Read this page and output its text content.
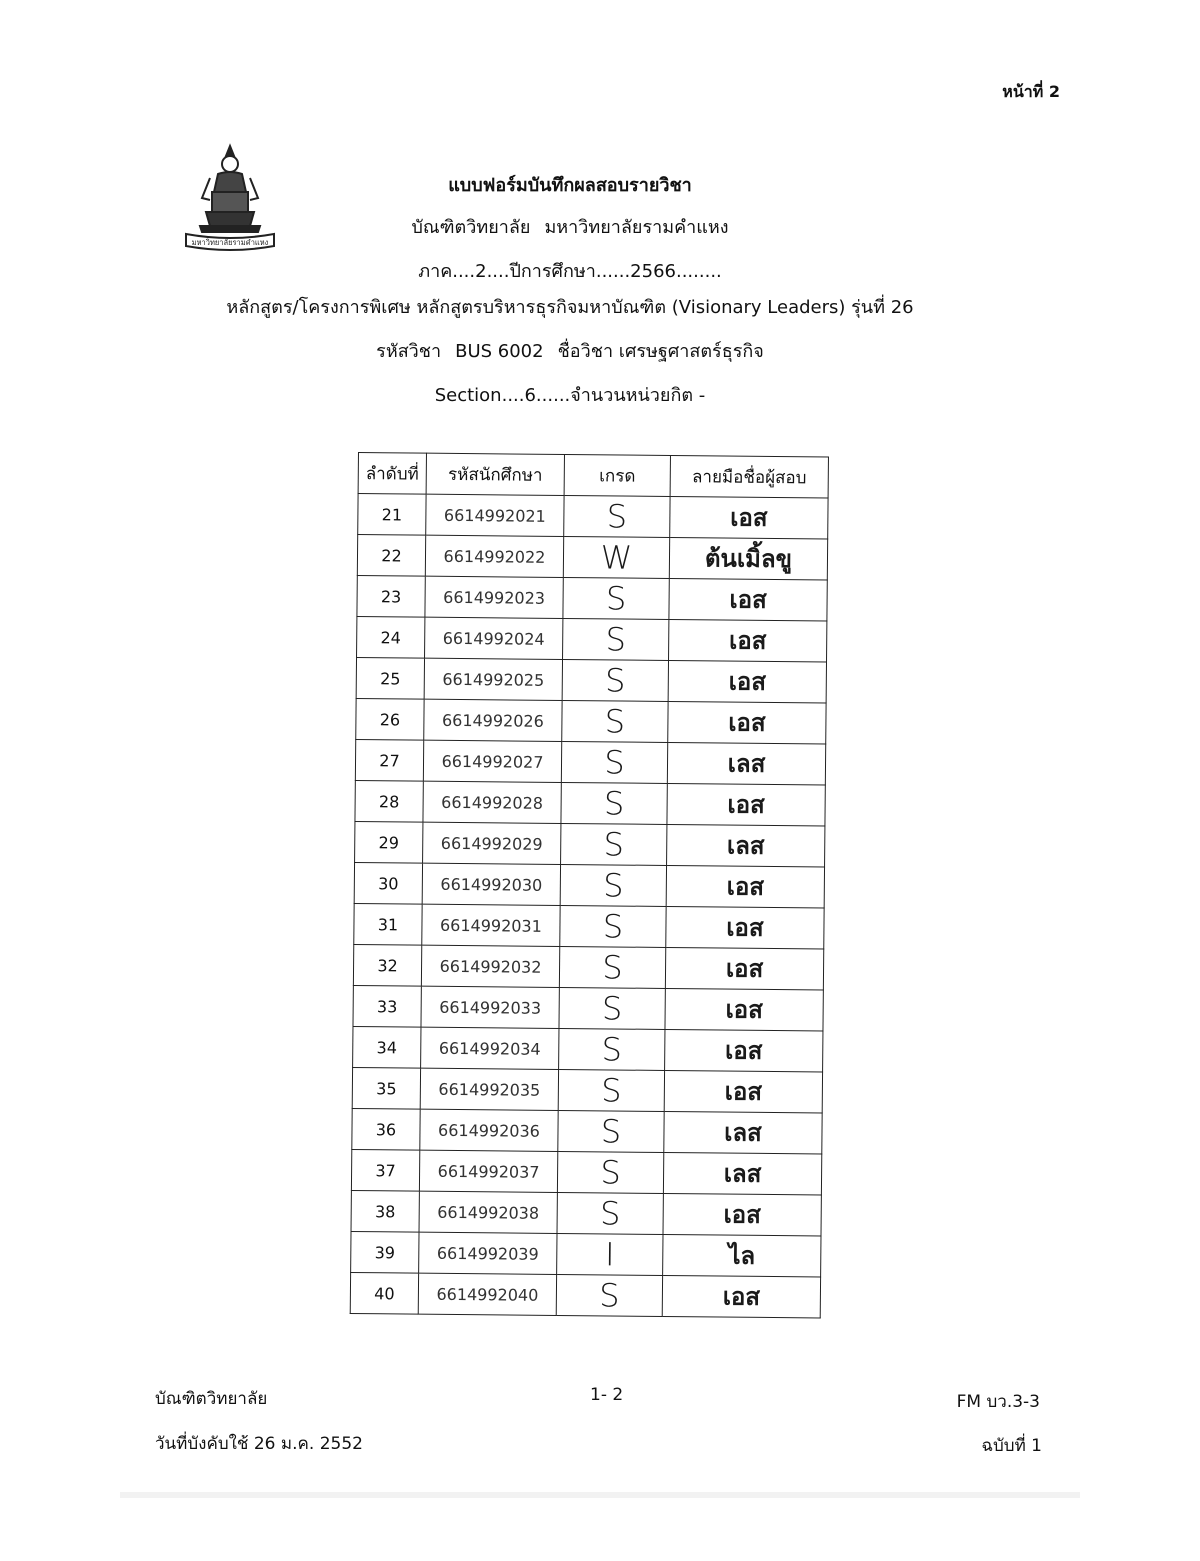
หน้าที่ 2
มหาวิทยาลัยรามคำแหง
แบบฟอร์มบันทึกผลสอบรายวิชา
บัณฑิตวิทยาลัย มหาวิทยาลัยรามคำแหง
ภาค....2....ปีการศึกษา......2566........
หลักสูตร/โครงการพิเศษ หลักสูตรบริหารธุรกิจมหาบัณฑิต (Visionary Leaders) รุ่นที่ 26
รหัสวิชา BUS 6002 ชื่อวิชา เศรษฐศาสตร์ธุรกิจ
Section....6......จำนวนหน่วยกิต -
ลำดับที่	รหัสนักศึกษา	เกรด	ลายมือชื่อผู้สอบ
21	6614992021	S	เอส
22	6614992022	W	ต้นเมิ้ลขู
23	6614992023	S	เอส
24	6614992024	S	เอส
25	6614992025	S	เอส
26	6614992026	S	เอส
27	6614992027	S	เลส
28	6614992028	S	เอส
29	6614992029	S	เลส
30	6614992030	S	เอส
31	6614992031	S	เอส
32	6614992032	S	เอส
33	6614992033	S	เอส
34	6614992034	S	เอส
35	6614992035	S	เอส
36	6614992036	S	เลส
37	6614992037	S	เลส
38	6614992038	S	เอส
39	6614992039	I	ไล
40	6614992040	S	เอส
บัณฑิตวิทยาลัย	1- 2	FM บว.3-3
วันที่บังคับใช้ 26 ม.ค. 2552	ฉบับที่ 1
